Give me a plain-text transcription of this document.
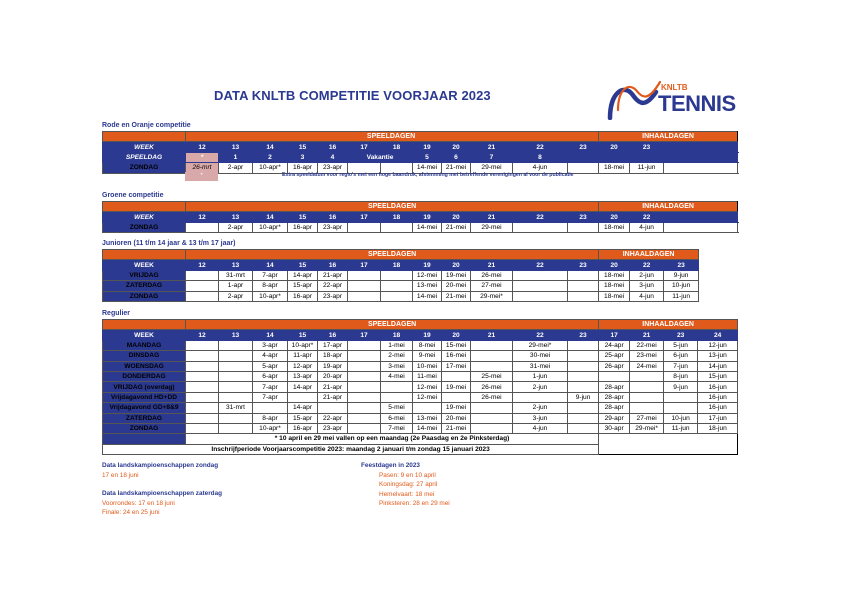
DATA KNLTB COMPETITIE VOORJAAR 2023
KNLTB
TENNIS
Rode en Oranje competitie
	SPEELDAGEN												INHAALDAGEN		
WEEK	12	13	14	15	16	17	18	19	20	21	22	23	20	23	
SPEELDAG	*	1	2	3	4	Vakantie		5	6	7	8				
ZONDAG	26-mrt	2-apr	10-apr*	16-apr	23-apr			14-mei	21-mei	29-mei	4-jun		18-mei	11-jun	
*	Extra speeldatum voor regio's met een hoge baandruk, afstemming met betreffende verenigingen al voor de publicatie
Groene competitie
	SPEELDAGEN												INHAALDAGEN		
WEEK	12	13	14	15	16	17	18	19	20	21	22	23	20	22	
ZONDAG		2-apr	10-apr*	16-apr	23-apr			14-mei	21-mei	29-mei			18-mei	4-jun	
Junioren (11 t/m 14 jaar & 13 t/m 17 jaar)
	SPEELDAGEN												INHAALDAGEN		
WEEK	12	13	14	15	16	17	18	19	20	21	22	23	20	22	23
VRIJDAG		31-mrt	7-apr	14-apr	21-apr			12-mei	19-mei	26-mei			18-mei	2-jun	9-jun
ZATERDAG		1-apr	8-apr	15-apr	22-apr			13-mei	20-mei	27-mei			18-mei	3-jun	10-jun
ZONDAG		2-apr	10-apr*	16-apr	23-apr			14-mei	21-mei	29-mei*			18-mei	4-jun	11-jun
Regulier
	SPEELDAGEN												INHAALDAGEN			
WEEK	12	13	14	15	16	17	18	19	20	21	22	23	17	21	23	24
MAANDAG			3-apr	10-apr*	17-apr		1-mei	8-mei	15-mei		29-mei*		24-apr	22-mei	5-jun	12-jun
DINSDAG			4-apr	11-apr	18-apr		2-mei	9-mei	16-mei		30-mei		25-apr	23-mei	6-jun	13-jun
WOENSDAG			5-apr	12-apr	19-apr		3-mei	10-mei	17-mei		31-mei		26-apr	24-mei	7-jun	14-jun
DONDERDAG			6-apr	13-apr	20-apr		4-mei	11-mei		25-mei	1-jun				8-jun	15-jun
VRIJDAG (overdag)			7-apr	14-apr	21-apr			12-mei	19-mei	26-mei	2-jun		28-apr		9-jun	16-jun
Vrijdagavond HD+DD			7-apr		21-apr			12-mei		26-mei		9-jun	28-apr			16-jun
Vrijdagavond GD+8&9		31-mrt		14-apr			5-mei		19-mei		2-jun		28-apr			16-jun
ZATERDAG			8-apr	15-apr	22-apr		6-mei	13-mei	20-mei		3-jun		29-apr	27-mei	10-jun	17-jun
ZONDAG			10-apr*	16-apr	23-apr		7-mei	14-mei	21-mei		4-jun		30-apr	29-mei*	11-jun	18-jun
	* 10 april en 29 mei vallen op een maandag (2e Paasdag en 2e Pinksterdag)															
Inschrijfperiode Voorjaarscompetitie 2023: maandag 2 januari t/m zondag 15 januari 2023																
Data landskampioenschappen zondag
17 en 18 juni
Data landskampioenschappen zaterdag
Voorrondes: 17 en 18 juni
Finale: 24 en 25 juni
Feestdagen in 2023
Pasen: 9 en 10 april
Koningsdag: 27 april
Hemelvaart: 18 mei
Pinksteren: 28 en 29 mei
